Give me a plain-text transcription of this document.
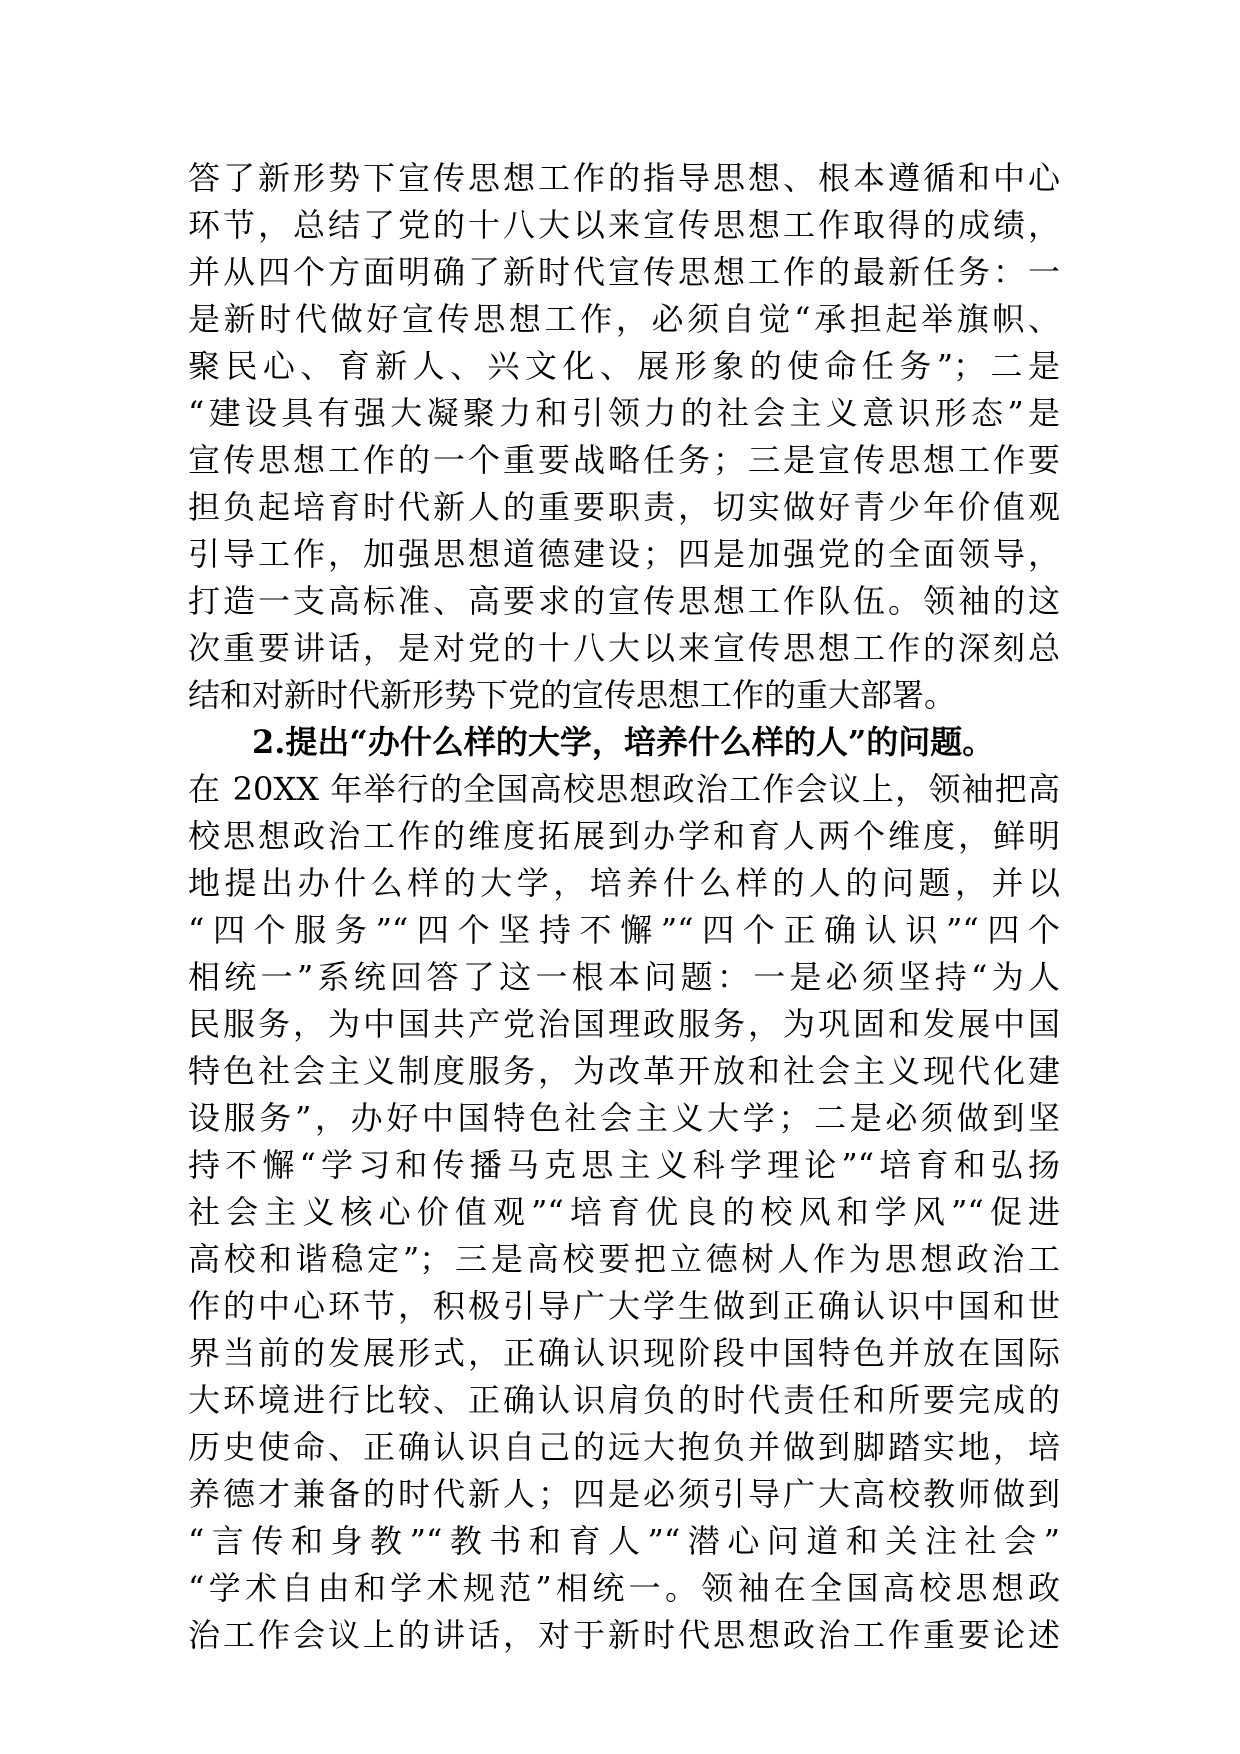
答了新形势下宣传思想工作的指导思想、根本遵循和中心
环节，总结了党的十八大以来宣传思想工作取得的成绩，
并从四个方面明确了新时代宣传思想工作的最新任务：一
是新时代做好宣传思想工作，必须自觉“承担起举旗帜、
聚民心、育新人、兴文化、展形象的使命任务”；二是
“建设具有强大凝聚力和引领力的社会主义意识形态”是
宣传思想工作的一个重要战略任务；三是宣传思想工作要
担负起培育时代新人的重要职责，切实做好青少年价值观
引导工作，加强思想道德建设；四是加强党的全面领导，
打造一支高标准、高要求的宣传思想工作队伍。领袖的这
次重要讲话，是对党的十八大以来宣传思想工作的深刻总
结和对新时代新形势下党的宣传思想工作的重大部署。
2.提出“办什么样的大学，培养什么样的人”的问题。
在 20XX 年举行的全国高校思想政治工作会议上，领袖把高
校思想政治工作的维度拓展到办学和育人两个维度，鲜明
地提出办什么样的大学，培养什么样的人的问题，并以
“四个服务”“四个坚持不懈”“四个正确认识”“四个
相统一”系统回答了这一根本问题：一是必须坚持“为人
民服务，为中国共产党治国理政服务，为巩固和发展中国
特色社会主义制度服务，为改革开放和社会主义现代化建
设服务”，办好中国特色社会主义大学；二是必须做到坚
持不懈“学习和传播马克思主义科学理论”“培育和弘扬
社会主义核心价值观”“培育优良的校风和学风”“促进
高校和谐稳定”；三是高校要把立德树人作为思想政治工
作的中心环节，积极引导广大学生做到正确认识中国和世
界当前的发展形式，正确认识现阶段中国特色并放在国际
大环境进行比较、正确认识肩负的时代责任和所要完成的
历史使命、正确认识自己的远大抱负并做到脚踏实地，培
养德才兼备的时代新人；四是必须引导广大高校教师做到
“言传和身教”“教书和育人”“潜心问道和关注社会”
“学术自由和学术规范”相统一。领袖在全国高校思想政
治工作会议上的讲话，对于新时代思想政治工作重要论述
